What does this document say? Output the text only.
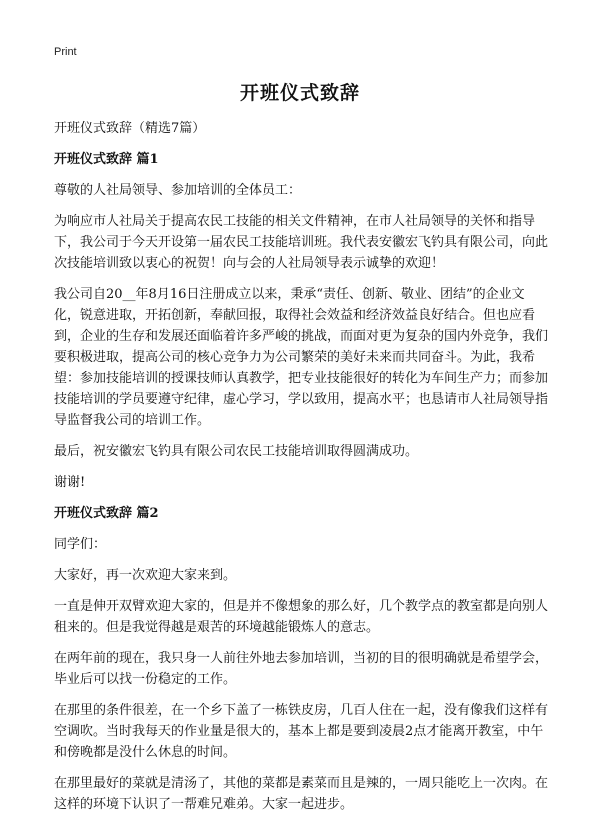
Print
开班仪式致辞

开班仪式致辞（精选7篇）

开班仪式致辞 篇1

尊敬的人社局领导、参加培训的全体员工：

为响应市人社局关于提高农民工技能的相关文件精神，在市人社局领导的关怀和指导下，我公司于今天开设第一届农民工技能培训班。我代表安徽宏飞钓具有限公司，向此次技能培训致以衷心的祝贺！向与会的人社局领导表示诚挚的欢迎！

我公司自20__年8月16日注册成立以来，秉承“责任、创新、敬业、团结”的企业文化，锐意进取，开拓创新，奉献回报，取得社会效益和经济效益良好结合。但也应看到，企业的生存和发展还面临着许多严峻的挑战，而面对更为复杂的国内外竞争，我们要积极进取，提高公司的核心竞争力为公司繁荣的美好未来而共同奋斗。为此，我希望：参加技能培训的授课技师认真教学，把专业技能很好的转化为车间生产力；而参加技能培训的学员要遵守纪律，虚心学习，学以致用，提高水平；也恳请市人社局领导指导监督我公司的培训工作。

最后，祝安徽宏飞钓具有限公司农民工技能培训取得圆满成功。

谢谢!

开班仪式致辞 篇2

同学们：

大家好，再一次欢迎大家来到。

一直是伸开双臂欢迎大家的，但是并不像想象的那么好，几个教学点的教室都是向别人租来的。但是我觉得越是艰苦的环境越能锻炼人的意志。

在两年前的现在，我只身一人前往外地去参加培训，当初的目的很明确就是希望学会，毕业后可以找一份稳定的工作。

在那里的条件很差，在一个乡下盖了一栋铁皮房，几百人住在一起，没有像我们这样有空调吹。当时我每天的作业量是很大的，基本上都是要到凌晨2点才能离开教室，中午和傍晚都是没什么休息的时间。

在那里最好的菜就是清汤了，其他的菜都是素菜而且是辣的，一周只能吃上一次肉。在这样的环境下认识了一帮难兄难弟。大家一起进步。
